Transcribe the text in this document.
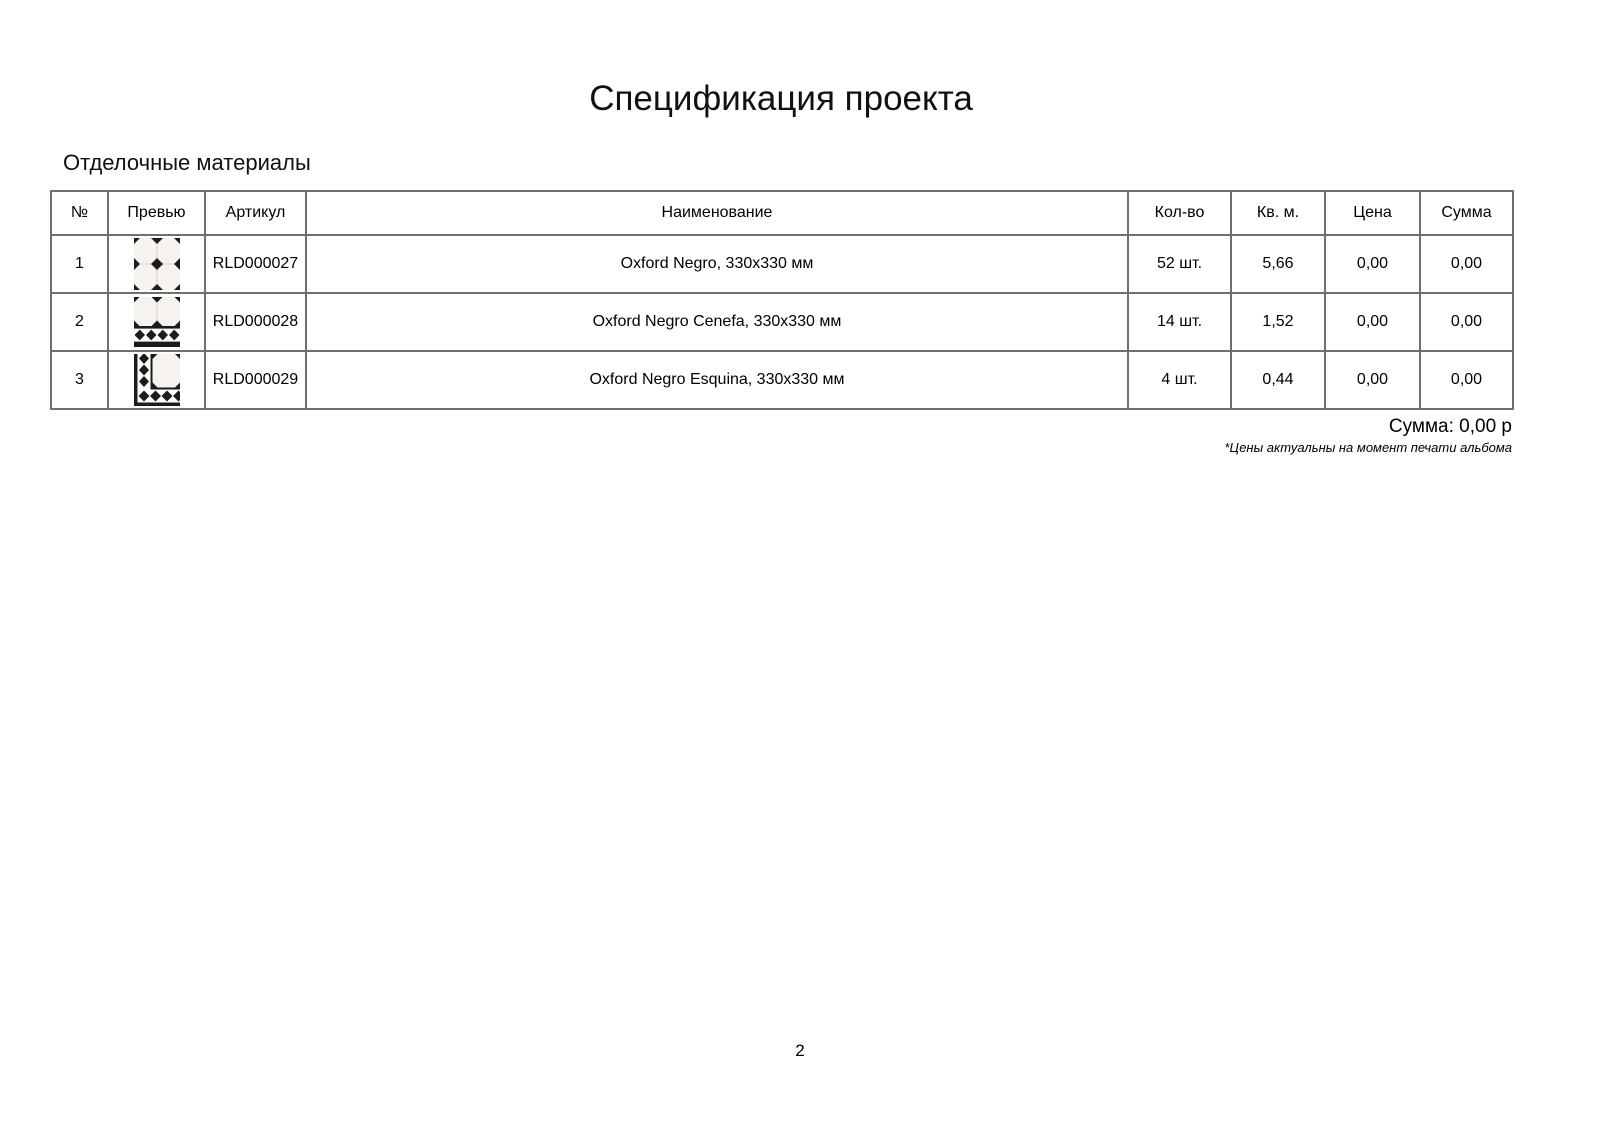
Спецификация проекта
Отделочные материалы
№	Превью	Артикул	Наименование	Кол-во	Кв. м.	Цена	Сумма
1		RLD000027	Oxford Negro, 330x330 мм	52 шт.	5,66	0,00	0,00
2		RLD000028	Oxford Negro Cenefa, 330x330 мм	14 шт.	1,52	0,00	0,00
3		RLD000029	Oxford Negro Esquina, 330x330 мм	4 шт.	0,44	0,00	0,00
Сумма: 0,00 р
*Цены актуальны на момент печати альбома
2
